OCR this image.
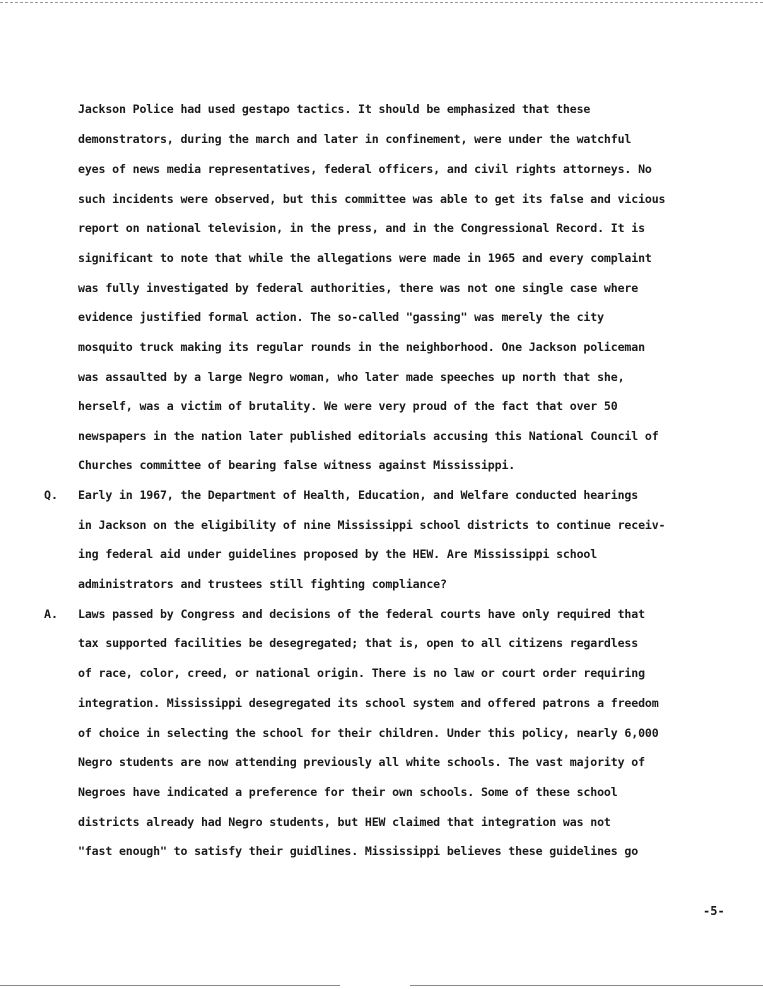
Jackson Police had used gestapo tactics. It should be emphasized that these
demonstrators, during the march and later in confinement, were under the watchful
eyes of news media representatives, federal officers, and civil rights attorneys. No
such incidents were observed, but this committee was able to get its false and vicious
report on national television, in the press, and in the Congressional Record. It is
significant to note that while the allegations were made in 1965 and every complaint
was fully investigated by federal authorities, there was not one single case where
evidence justified formal action. The so-called "gassing" was merely the city
mosquito truck making its regular rounds in the neighborhood. One Jackson policeman
was assaulted by a large Negro woman, who later made speeches up north that she,
herself, was a victim of brutality. We were very proud of the fact that over 50
newspapers in the nation later published editorials accusing this National Council of
Churches committee of bearing false witness against Mississippi.
Q. Early in 1967, the Department of Health, Education, and Welfare conducted hearings
in Jackson on the eligibility of nine Mississippi school districts to continue receiv-
ing federal aid under guidelines proposed by the HEW. Are Mississippi school
administrators and trustees still fighting compliance?
A. Laws passed by Congress and decisions of the federal courts have only required that
tax supported facilities be desegregated; that is, open to all citizens regardless
of race, color, creed, or national origin. There is no law or court order requiring
integration. Mississippi desegregated its school system and offered patrons a freedom
of choice in selecting the school for their children. Under this policy, nearly 6,000
Negro students are now attending previously all white schools. The vast majority of
Negroes have indicated a preference for their own schools. Some of these school
districts already had Negro students, but HEW claimed that integration was not
"fast enough" to satisfy their guidlines. Mississippi believes these guidelines go
-5-
